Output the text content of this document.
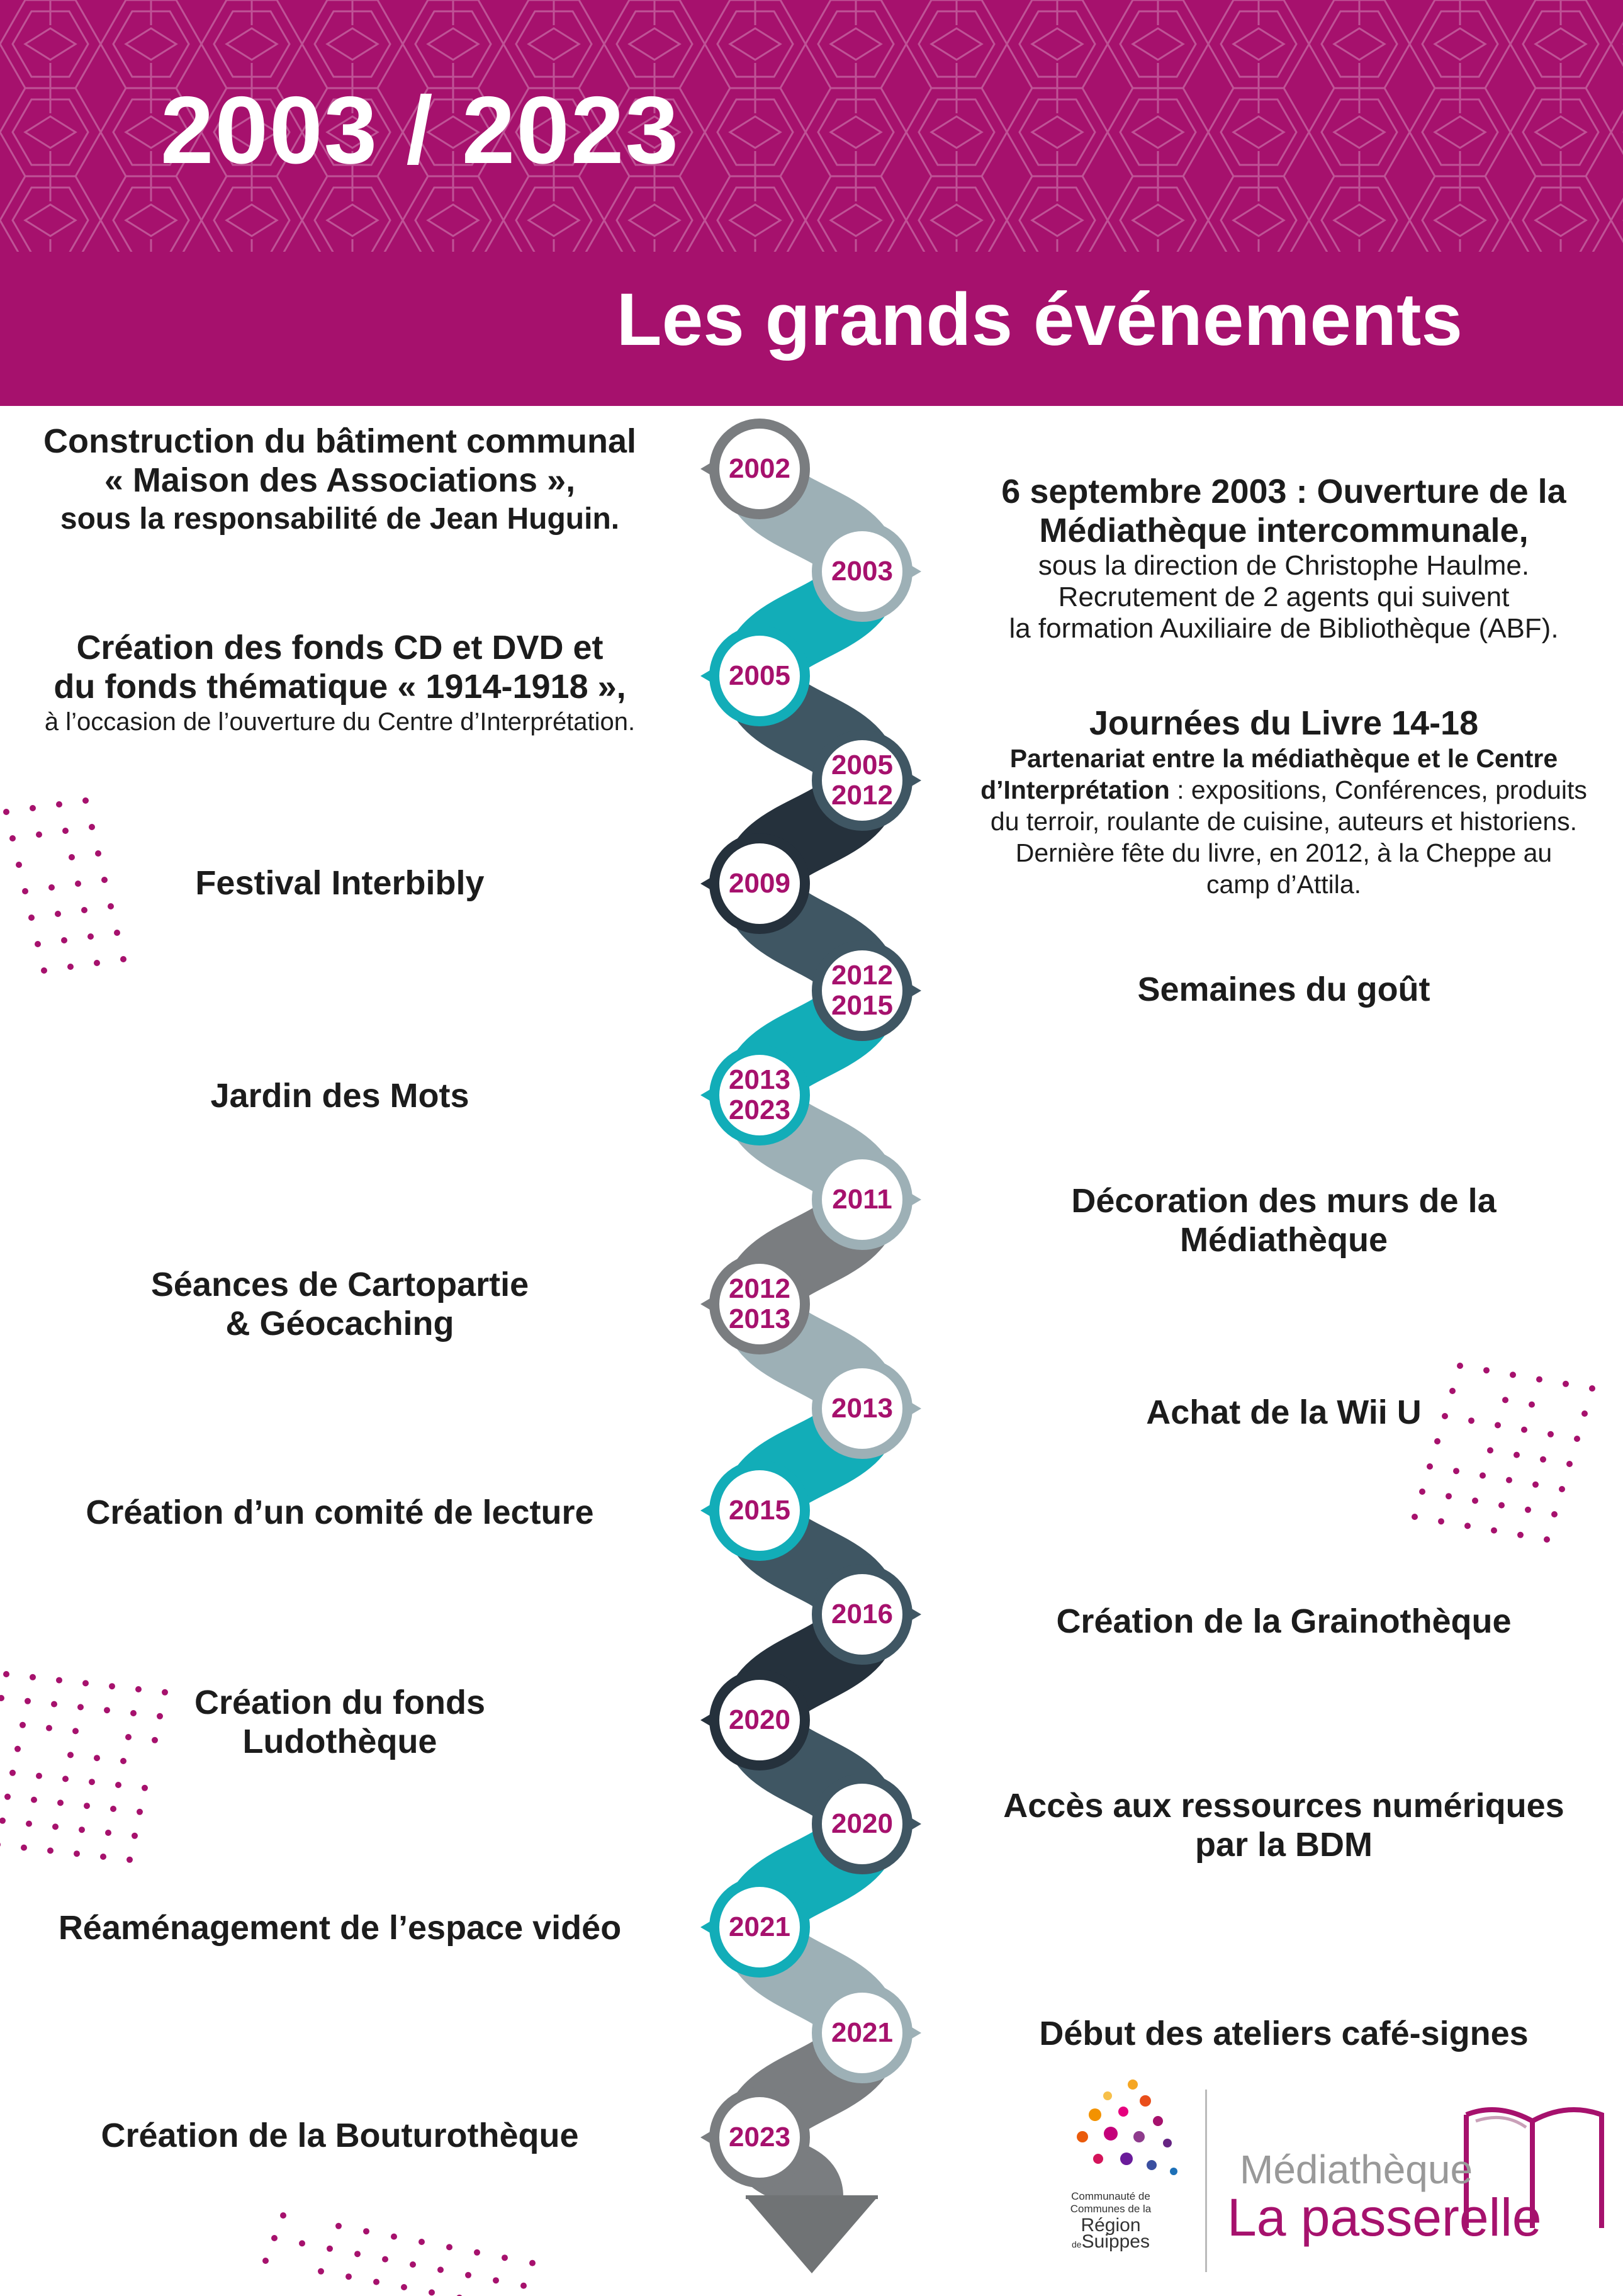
2003 / 2023
Les grands événements
2002
2003
2005
2005
2012
2009
2012
2015
2013
2023
2011
2012
2013
2013
2015
2016
2020
2020
2021
2021
2023
Construction du bâtiment communal
« Maison des Associations »,
sous la responsabilité de Jean Huguin.
6 septembre 2003 : Ouverture de la
Médiathèque intercommunale,
sous la direction de Christophe Haulme.
Recrutement de 2 agents qui suivent
la formation Auxiliaire de Bibliothèque (ABF).
Création des fonds CD et DVD et
du fonds thématique « 1914-1918 »,
à l’occasion de l’ouverture du Centre d’Interprétation.	Journées du Livre 14-18
Partenariat entre la médiathèque et le Centre
d’Interprétation : expositions, Conférences, produits
du terroir, roulante de cuisine, auteurs et historiens.
Dernière fête du livre, en 2012, à la Cheppe au
camp d’Attila.
Festival Interbibly
Semaines du goût
Jardin des Mots
Décoration des murs de la Médiathèque
Séances de Cartopartie
& Géocaching
Achat de la Wii U
Création d’un comité de lecture
Création de la Grainothèque
Création du fonds
Ludothèque
Accès aux ressources numériques
par la BDM
Réaménagement de l’espace vidéo
Début des ateliers café-signes
Création de la Bouturothèque
Communauté de
Communes de la
Région
deSuippes
Médiathèque
La passerelle
